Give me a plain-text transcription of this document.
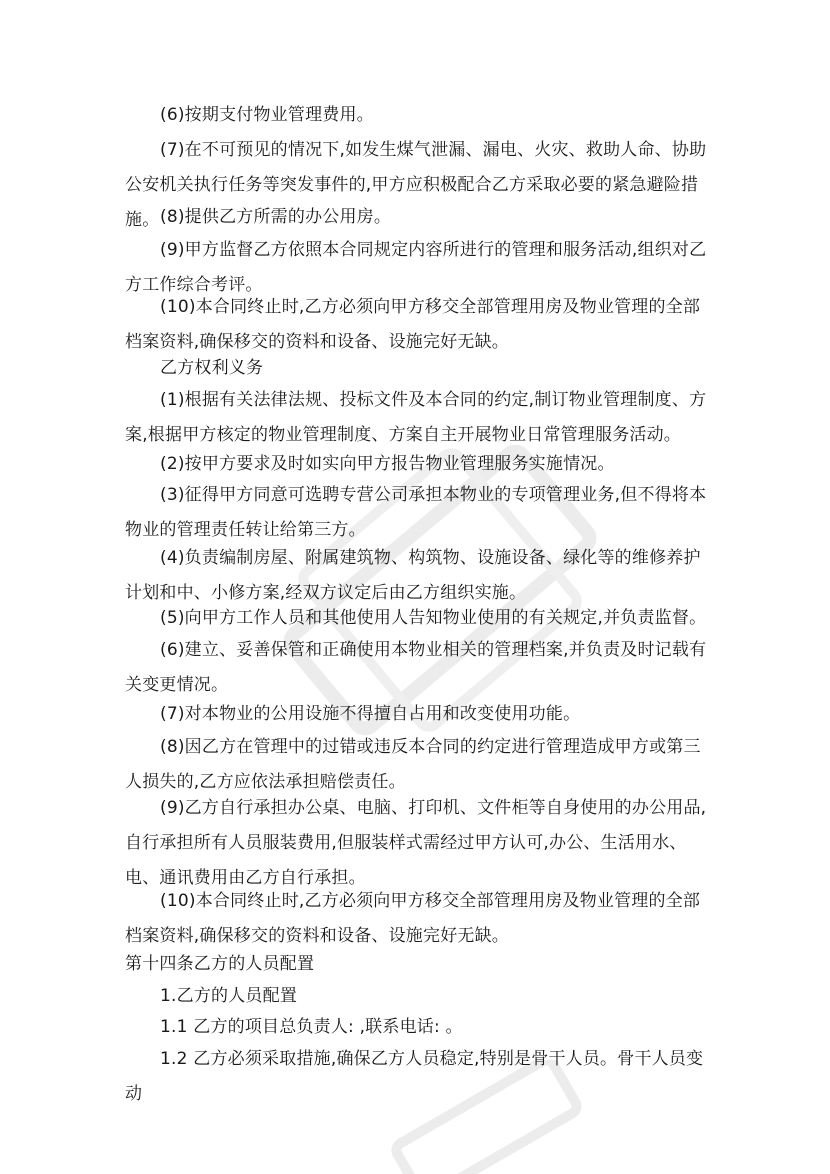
(6)按期支付物业管理费用。
(7)在不可预见的情况下,如发生煤气泄漏、漏电、火灾、救助人命、协助公安机关执行任务等突发事件的,甲方应积极配合乙方采取必要的紧急避险措施。 (8)提供乙方所需的办公用房。
(9)甲方监督乙方依照本合同规定内容所进行的管理和服务活动,组织对乙方工作综合考评。
(10)本合同终止时,乙方必须向甲方移交全部管理用房及物业管理的全部档案资料,确保移交的资料和设备、设施完好无缺。
乙方权利义务
(1)根据有关法律法规、投标文件及本合同的约定,制订物业管理制度、方案,根据甲方核定的物业管理制度、方案自主开展物业日常管理服务活动。
(2)按甲方要求及时如实向甲方报告物业管理服务实施情况。
(3)征得甲方同意可选聘专营公司承担本物业的专项管理业务,但不得将本物业的管理责任转让给第三方。
(4)负责编制房屋、附属建筑物、构筑物、设施设备、绿化等的维修养护计划和中、小修方案,经双方议定后由乙方组织实施。
(5)向甲方工作人员和其他使用人告知物业使用的有关规定,并负责监督。
(6)建立、妥善保管和正确使用本物业相关的管理档案,并负责及时记载有关变更情况。
(7)对本物业的公用设施不得擅自占用和改变使用功能。
(8)因乙方在管理中的过错或违反本合同的约定进行管理造成甲方或第三人损失的,乙方应依法承担赔偿责任。
(9)乙方自行承担办公桌、电脑、打印机、文件柜等自身使用的办公用品,自行承担所有人员服装费用,但服装样式需经过甲方认可,办公、生活用水、电、通讯费用由乙方自行承担。
(10)本合同终止时,乙方必须向甲方移交全部管理用房及物业管理的全部档案资料,确保移交的资料和设备、设施完好无缺。
第十四条乙方的人员配置
1.乙方的人员配置
1.1 乙方的项目总负责人: ,联系电话: 。
1.2 乙方必须采取措施,确保乙方人员稳定,特别是骨干人员。骨干人员变动
